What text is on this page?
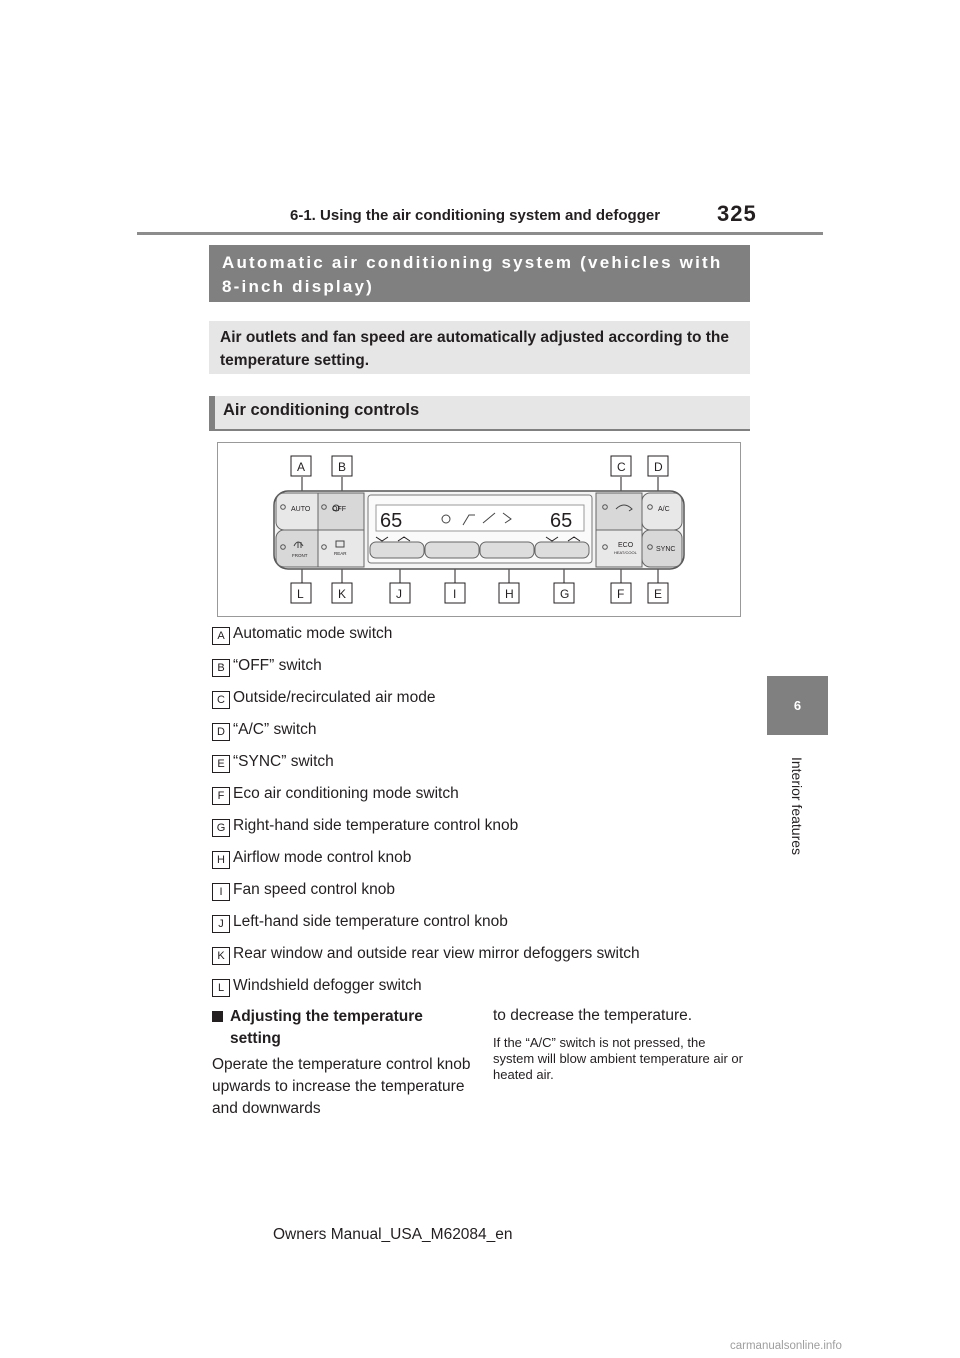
6-1. Using the air conditioning system and defogger	325
6
Interior features
Automatic air conditioning system (vehicles with 8-inch display)
Air outlets and fan speed are automatically adjusted according to the temperature setting.
Air conditioning controls
A	B	C D
L	K	J	I	H	G	F E
AUTO	OFF	A/C
FRONT	REAR
ECO
HEAT/COOL	SYNC
65	65
A Automatic mode switch
B “OFF” switch
C Outside/recirculated air mode
D “A/C” switch
E “SYNC” switch
F Eco air conditioning mode switch
G Right-hand side temperature control knob
H Airflow mode control knob
I Fan speed control knob
J Left-hand side temperature control knob
K Rear window and outside rear view mirror defoggers switch
L Windshield defogger switch
Adjusting the temperature setting
Operate the temperature control knob upwards to increase the temperature and downwards
to decrease the temperature.
If the “A/C” switch is not pressed, the system will blow ambient temperature air or heated air.
Owners Manual_USA_M62084_en
carmanualsonline.info
